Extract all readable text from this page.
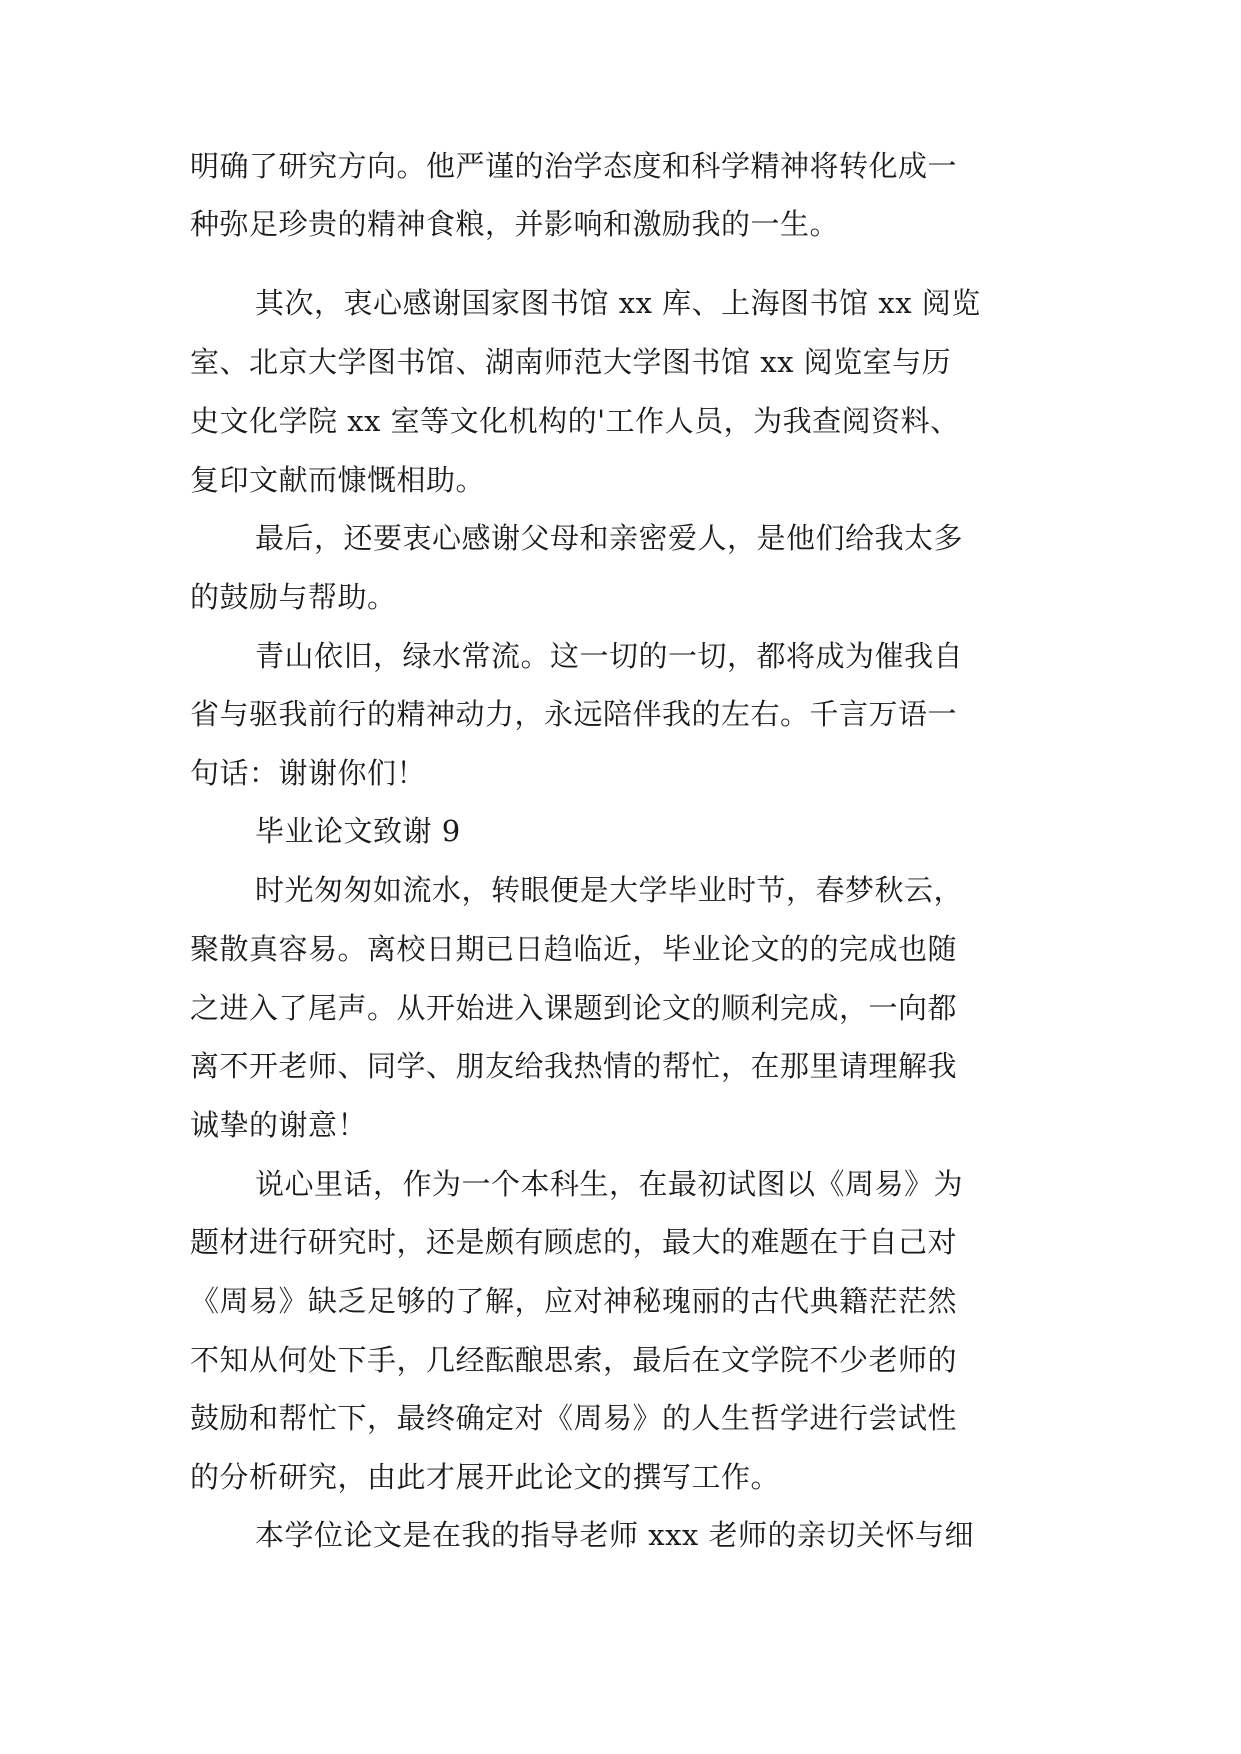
明确了研究方向。他严谨的治学态度和科学精神将转化成一
种弥足珍贵的精神食粮，并影响和激励我的一生。
其次，衷心感谢国家图书馆 xx 库、上海图书馆 xx 阅览
室、北京大学图书馆、湖南师范大学图书馆 xx 阅览室与历
史文化学院 xx 室等文化机构的'工作人员，为我查阅资料、
复印文献而慷慨相助。
最后，还要衷心感谢父母和亲密爱人，是他们给我太多
的鼓励与帮助。
青山依旧，绿水常流。这一切的一切，都将成为催我自
省与驱我前行的精神动力，永远陪伴我的左右。千言万语一
句话：谢谢你们！
毕业论文致谢 9
时光匆匆如流水，转眼便是大学毕业时节，春梦秋云，
聚散真容易。离校日期已日趋临近，毕业论文的的完成也随
之进入了尾声。从开始进入课题到论文的顺利完成，一向都
离不开老师、同学、朋友给我热情的帮忙，在那里请理解我
诚挚的谢意！
说心里话，作为一个本科生，在最初试图以《周易》为
题材进行研究时，还是颇有顾虑的，最大的难题在于自己对
《周易》缺乏足够的了解，应对神秘瑰丽的古代典籍茫茫然
不知从何处下手，几经酝酿思索，最后在文学院不少老师的
鼓励和帮忙下，最终确定对《周易》的人生哲学进行尝试性
的分析研究，由此才展开此论文的撰写工作。
本学位论文是在我的指导老师 xxx 老师的亲切关怀与细
